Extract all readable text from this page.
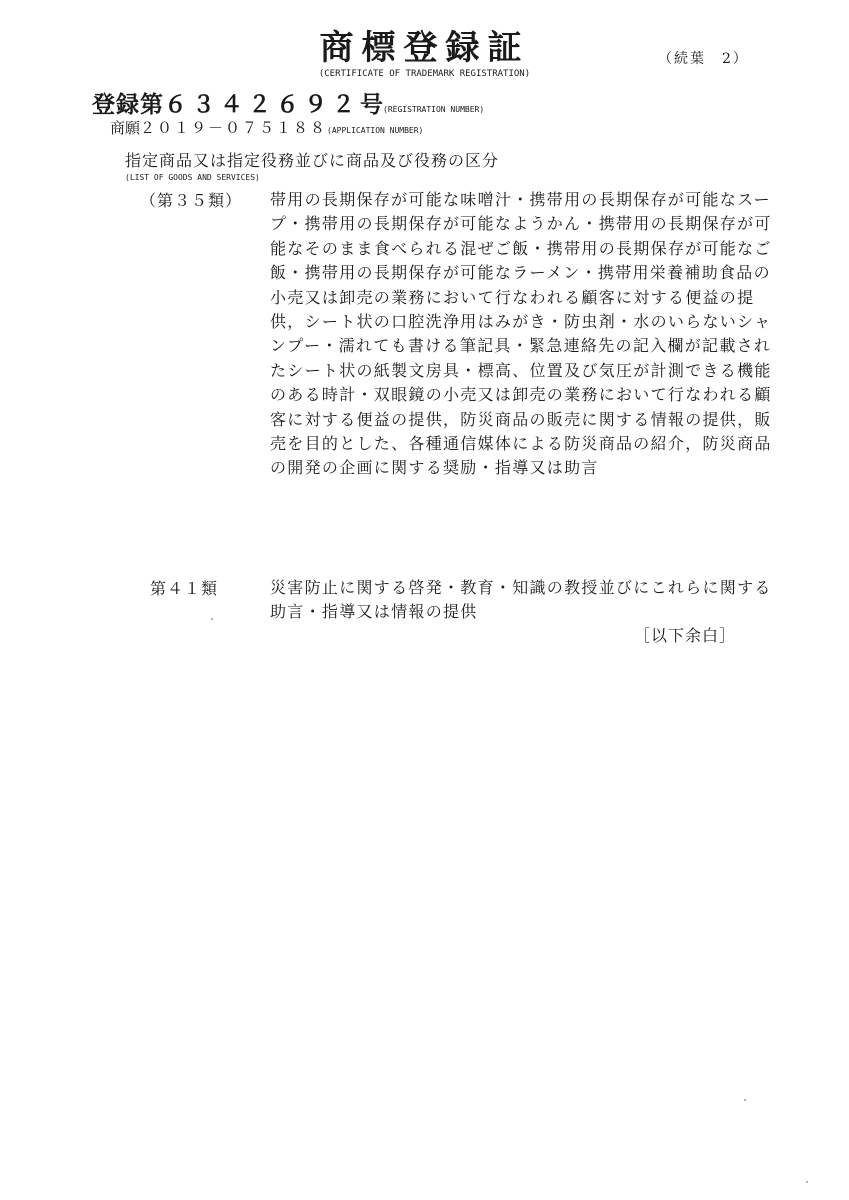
商標登録証
(CERTIFICATE OF TRADEMARK REGISTRATION)
（続葉　2）
登録第６３４２６９２号(REGISTRATION NUMBER)
商願２０１９－０７５１８８(APPLICATION NUMBER)
指定商品又は指定役務並びに商品及び役務の区分
(LIST OF GOODS AND SERVICES)
（第３５類） 帯用の長期保存が可能な味噌汁・携帯用の長期保存が可能なスープ・携帯用の長期保存が可能なようかん・携帯用の長期保存が可能なそのまま食べられる混ぜご飯・携帯用の長期保存が可能なご飯・携帯用の長期保存が可能なラーメン・携帯用栄養補助食品の小売又は卸売の業務において行なわれる顧客に対する便益の提供，シート状の口腔洗浄用はみがき・防虫剤・水のいらないシャンプー・濡れても書ける筆記具・緊急連絡先の記入欄が記載されたシート状の紙製文房具・標高、位置及び気圧が計測できる機能のある時計・双眼鏡の小売又は卸売の業務において行なわれる顧客に対する便益の提供，防災商品の販売に関する情報の提供，販売を目的とした、各種通信媒体による防災商品の紹介，防災商品の開発の企画に関する奨励・指導又は助言
第４１類	災害防止に関する啓発・教育・知識の教授並びにこれらに関する助言・指導又は情報の提供
［以下余白］
